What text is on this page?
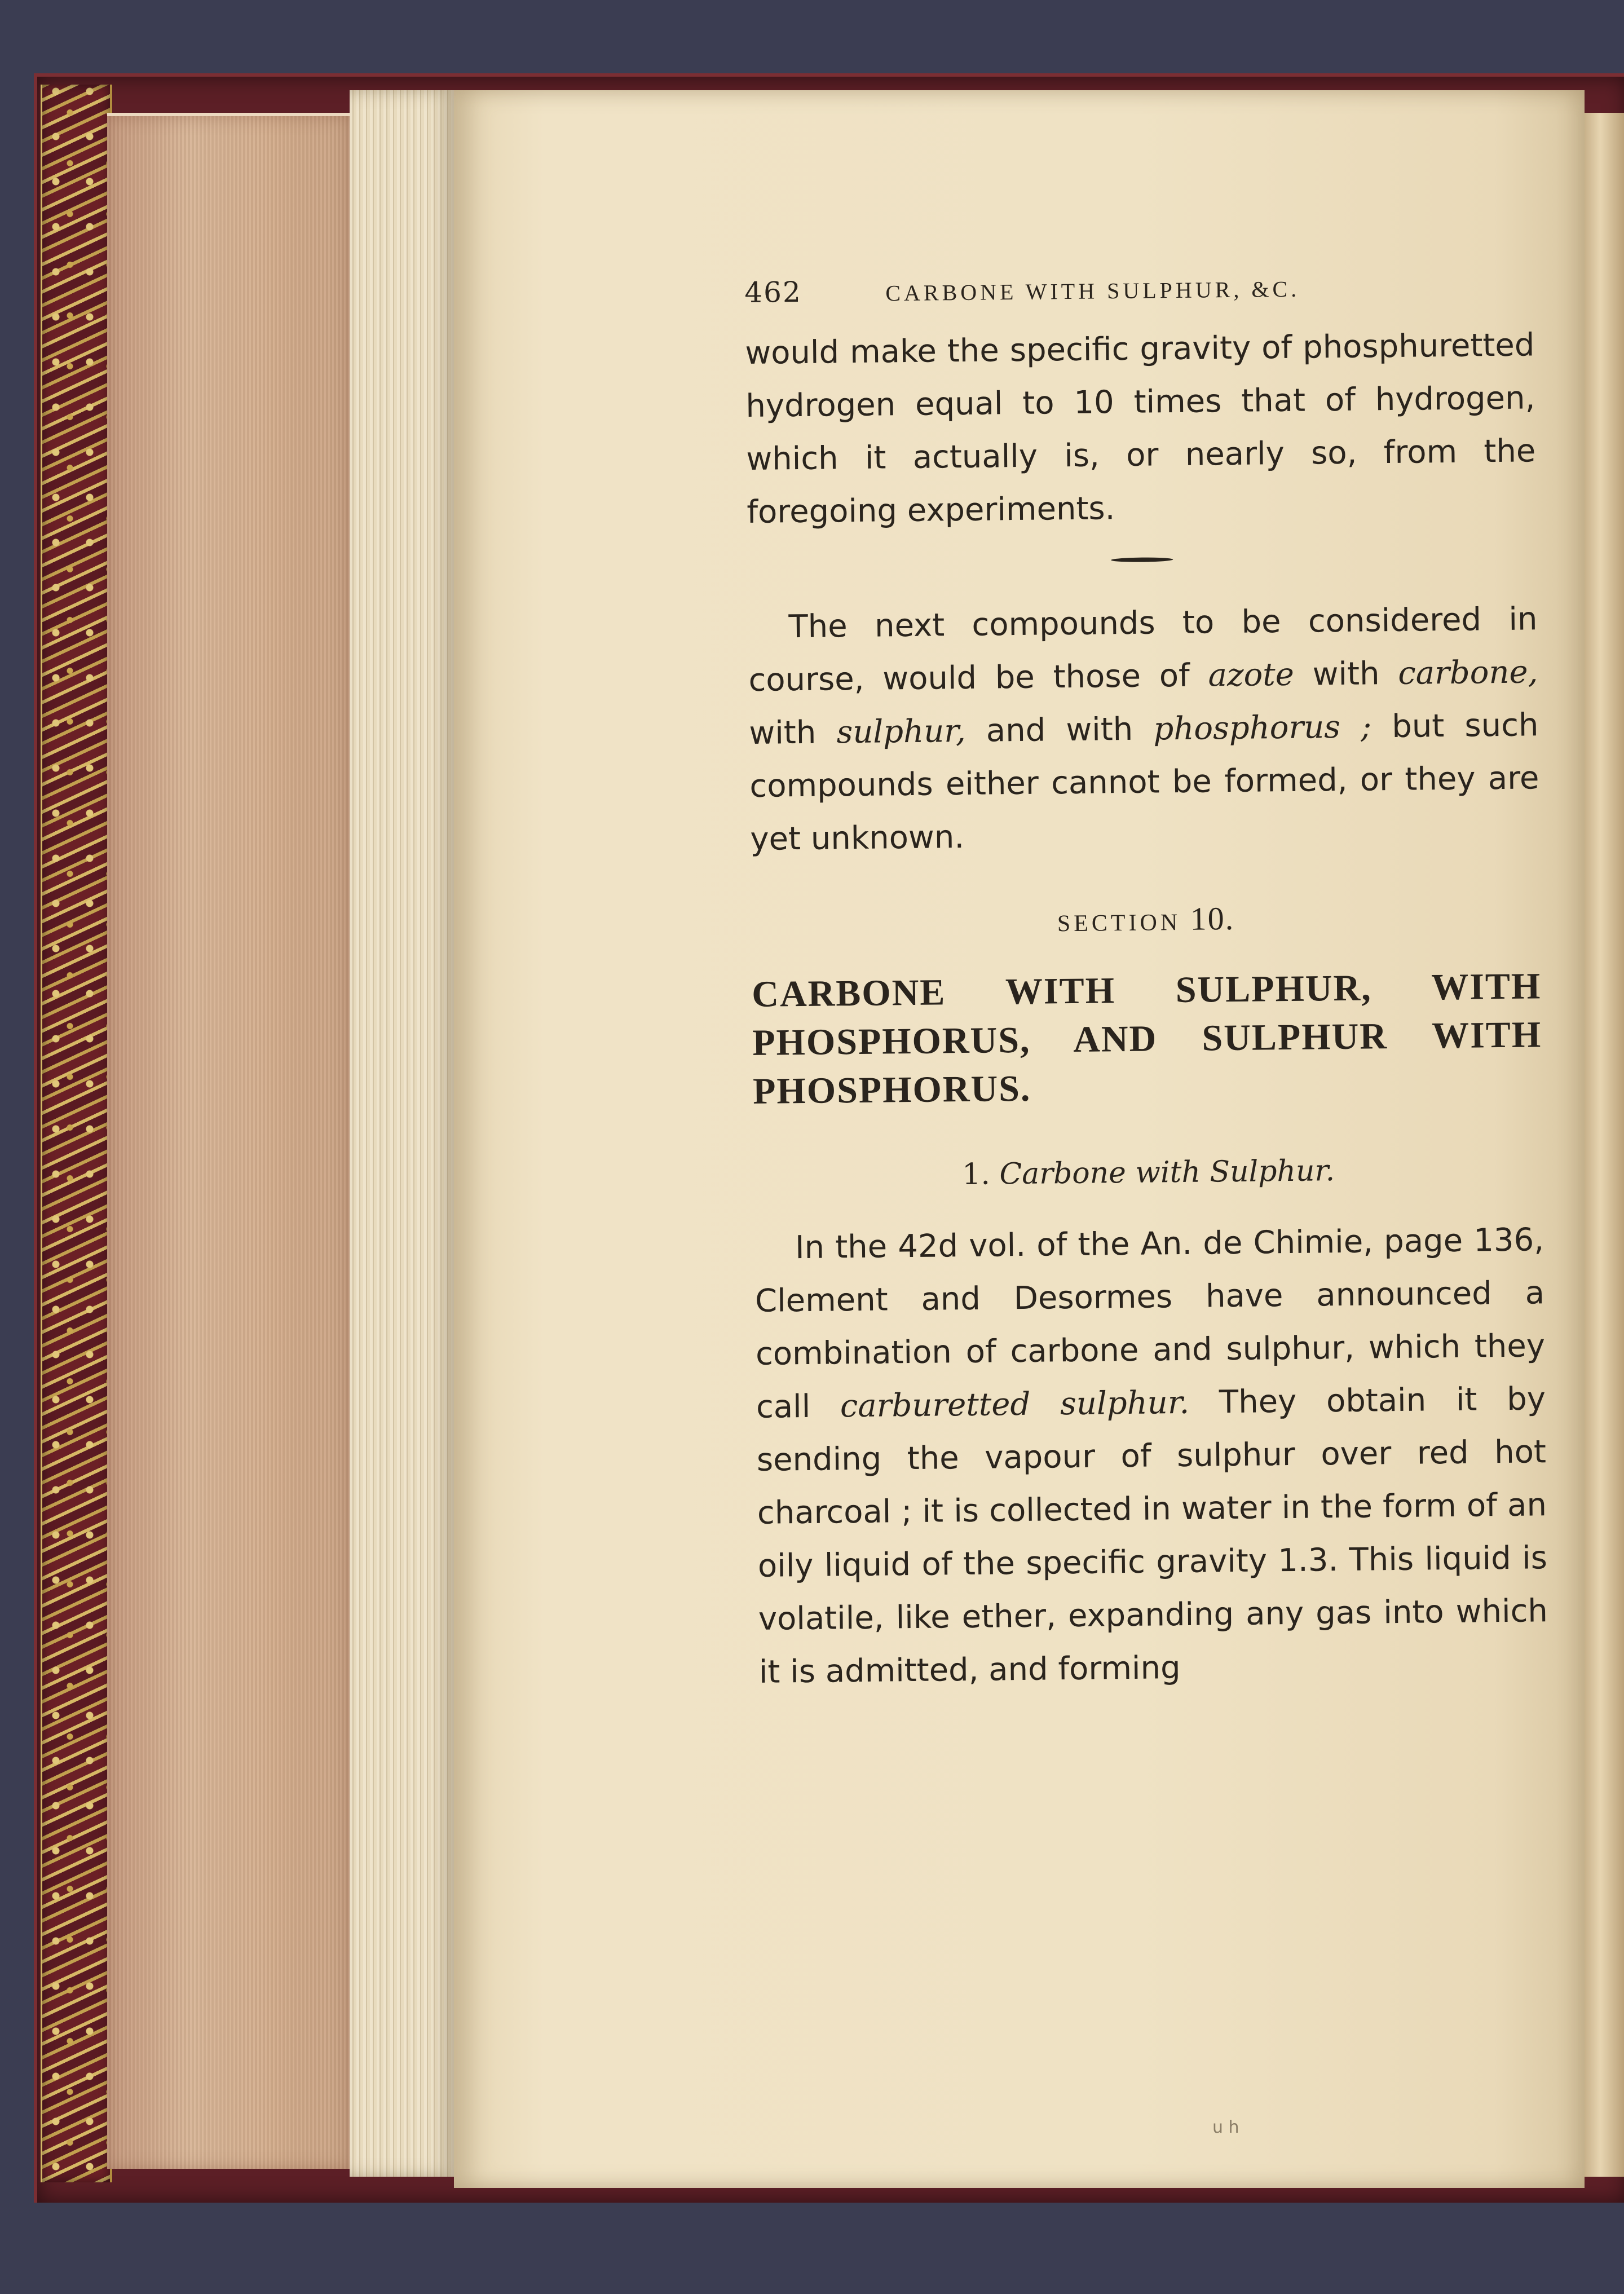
462	CARBONE WITH SULPHUR, &C.

would make the specific gravity of phosphuretted hydrogen equal to 10 times that of hydrogen, which it actually is, or nearly so, from the foregoing experiments.

The next compounds to be considered in course, would be those of azote with carbone, with sulphur, and with phosphorus ; but such compounds either cannot be formed, or they are yet unknown.

SECTION 10.
CARBONE WITH SULPHUR, WITH PHOSPHORUS, AND SULPHUR WITH PHOSPHORUS.
1. Carbone with Sulphur.

In the 42d vol. of the An. de Chimie, page 136, Clement and Desormes have announced a combination of carbone and sulphur, which they call carburetted sulphur. They obtain it by sending the vapour of sulphur over red hot charcoal ; it is collected in water in the form of an oily liquid of the specific gravity 1.3. This liquid is volatile, like ether, expanding any gas into which it is admitted, and forming

u h
